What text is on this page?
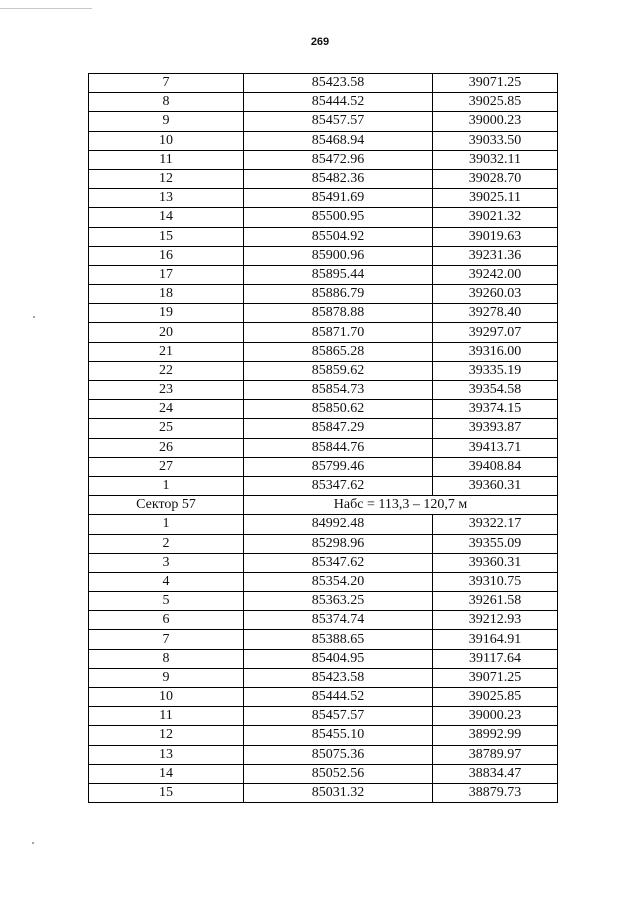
269
7	85423.58	39071.25
8	85444.52	39025.85
9	85457.57	39000.23
10	85468.94	39033.50
11	85472.96	39032.11
12	85482.36	39028.70
13	85491.69	39025.11
14	85500.95	39021.32
15	85504.92	39019.63
16	85900.96	39231.36
17	85895.44	39242.00
18	85886.79	39260.03
19	85878.88	39278.40
20	85871.70	39297.07
21	85865.28	39316.00
22	85859.62	39335.19
23	85854.73	39354.58
24	85850.62	39374.15
25	85847.29	39393.87
26	85844.76	39413.71
27	85799.46	39408.84
1	85347.62	39360.31
Сектор 57	Набс = 113,3 – 120,7 м	
1	84992.48	39322.17
2	85298.96	39355.09
3	85347.62	39360.31
4	85354.20	39310.75
5	85363.25	39261.58
6	85374.74	39212.93
7	85388.65	39164.91
8	85404.95	39117.64
9	85423.58	39071.25
10	85444.52	39025.85
11	85457.57	39000.23
12	85455.10	38992.99
13	85075.36	38789.97
14	85052.56	38834.47
15	85031.32	38879.73
